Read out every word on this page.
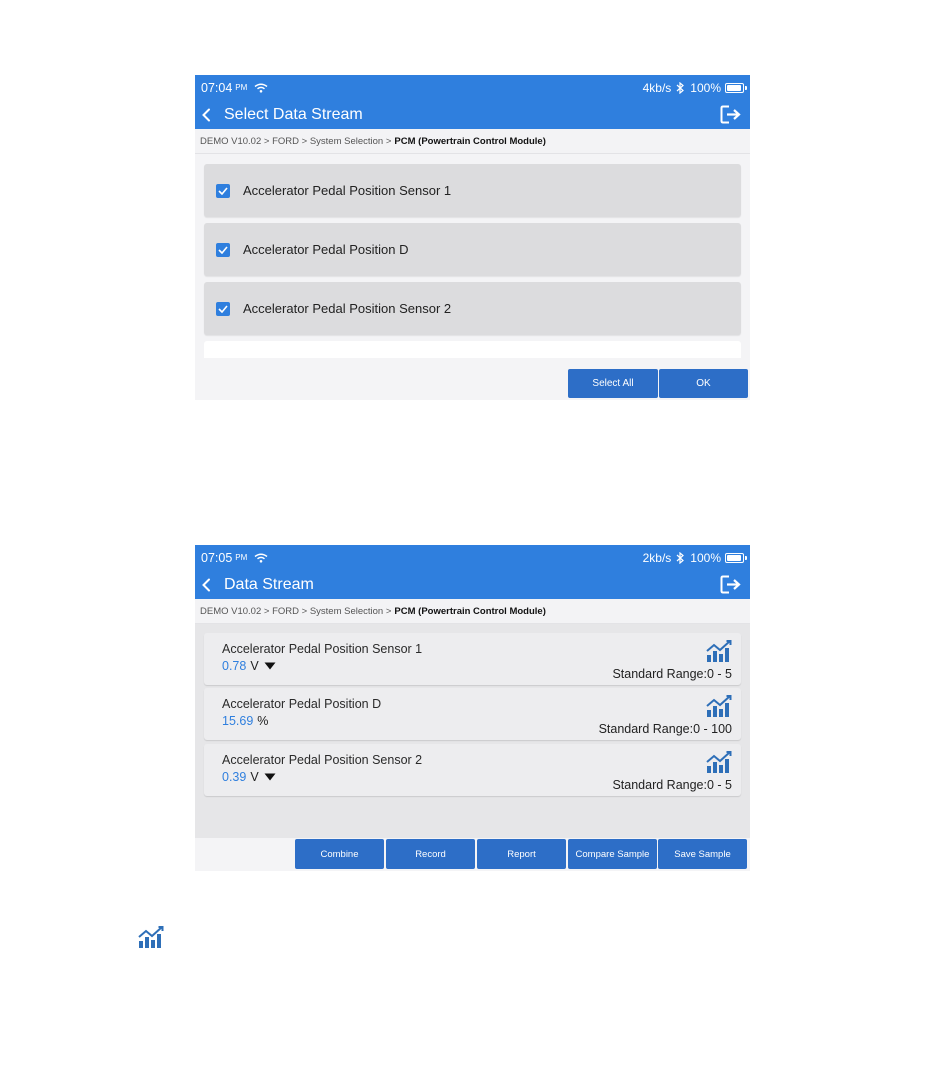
07:04 PM	4kb/s 100%
Select Data Stream
DEMO V10.02 > FORD > System Selection > PCM (Powertrain Control Module)
Accelerator Pedal Position Sensor 1
Accelerator Pedal Position D
Accelerator Pedal Position Sensor 2
Select All	OK
07:05 PM	2kb/s 100%
Data Stream
DEMO V10.02 > FORD > System Selection > PCM (Powertrain Control Module)
Accelerator Pedal Position Sensor 1
0.78 V
Standard Range:0 - 5
Accelerator Pedal Position D
15.69 %
Standard Range:0 - 100
Accelerator Pedal Position Sensor 2
0.39 V
Standard Range:0 - 5
Combine	Record	Report	Compare Sample	Save Sample
